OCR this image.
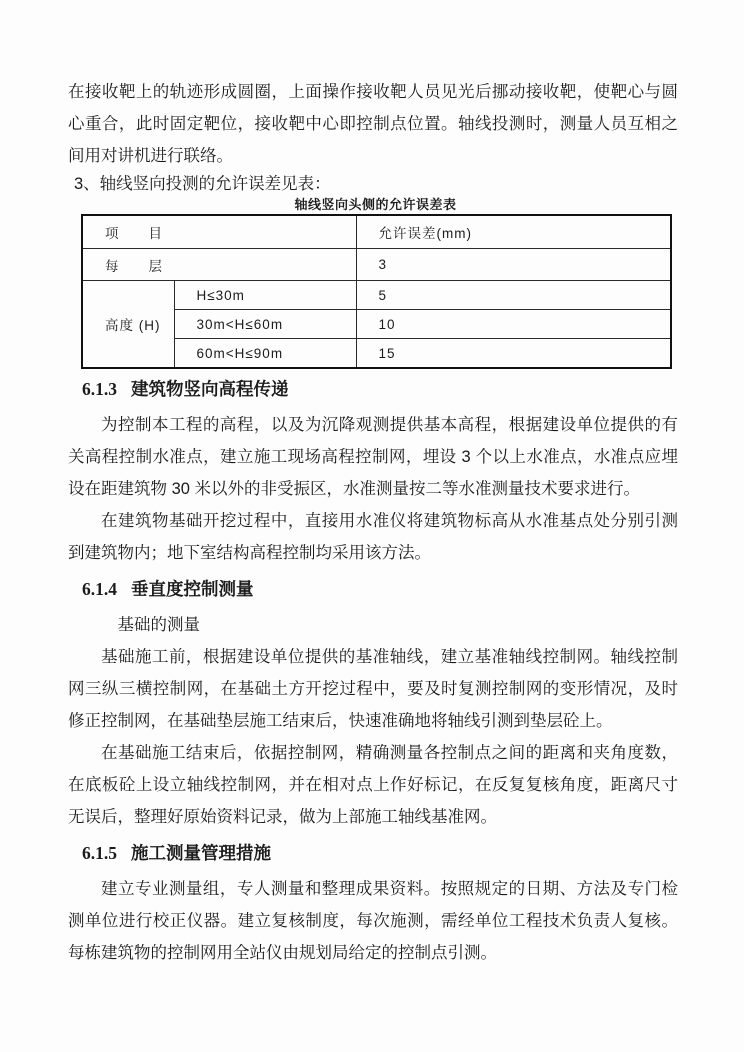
在接收靶上的轨迹形成圆圈，上面操作接收靶人员见光后挪动接收靶，使靶心与圆心重合，此时固定靶位，接收靶中心即控制点位置。轴线投测时，测量人员互相之间用对讲机进行联络。

3、轴线竖向投测的允许误差见表：

轴线竖向头侧的允许误差表
项　　目		允许误差(mm)
每　　层		3
高度 (H)	H≤30m	5
	30m<H≤60m	10
	60m<H≤90m	15
6.1.3 建筑物竖向高程传递

为控制本工程的高程，以及为沉降观测提供基本高程，根据建设单位提供的有关高程控制水准点，建立施工现场高程控制网，埋设 3 个以上水准点，水准点应埋设在距建筑物 30 米以外的非受振区，水准测量按二等水准测量技术要求进行。

在建筑物基础开挖过程中，直接用水准仪将建筑物标高从水准基点处分别引测到建筑物内；地下室结构高程控制均采用该方法。

6.1.4 垂直度控制测量

基础的测量

基础施工前，根据建设单位提供的基准轴线，建立基准轴线控制网。轴线控制网三纵三横控制网，在基础土方开挖过程中，要及时复测控制网的变形情况，及时修正控制网，在基础垫层施工结束后，快速准确地将轴线引测到垫层砼上。

在基础施工结束后，依据控制网，精确测量各控制点之间的距离和夹角度数，在底板砼上设立轴线控制网，并在相对点上作好标记，在反复复核角度，距离尺寸无误后，整理好原始资料记录，做为上部施工轴线基准网。

6.1.5 施工测量管理措施

建立专业测量组，专人测量和整理成果资料。按照规定的日期、方法及专门检测单位进行校正仪器。建立复核制度，每次施测，需经单位工程技术负责人复核。每栋建筑物的控制网用全站仪由规划局给定的控制点引测。
